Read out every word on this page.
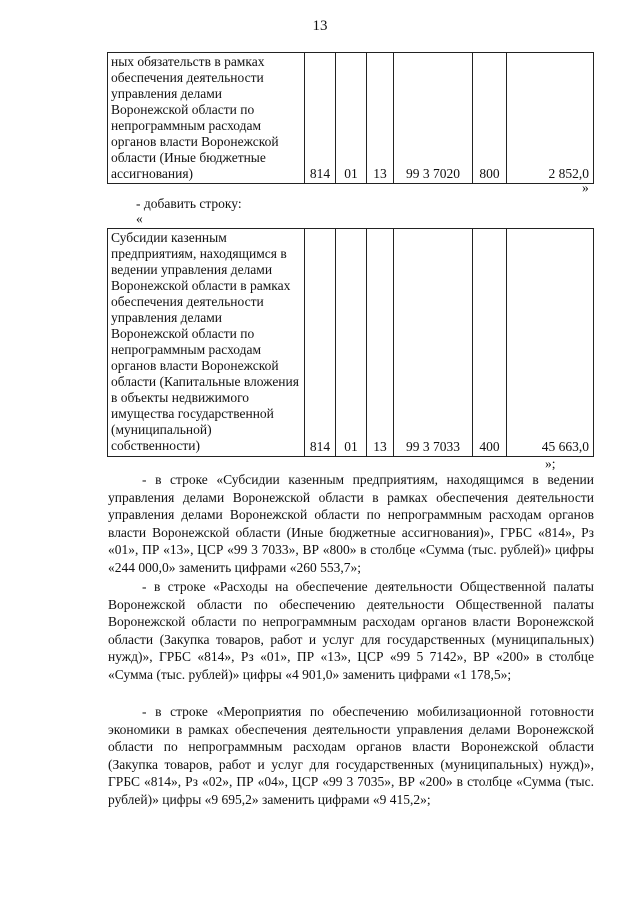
13
ных обязательств в рамках обеспечения деятельности управления делами Воронежской области по непрограммным расходам органов власти Воронежской области (Иные бюджетные ассигнования)	814	01	13	99 3 7020	800	2 852,0
»
- добавить строку:
«
Субсидии казенным предприятиям, находящимся в ведении управления делами Воронежской области в рамках обеспечения деятельности управления делами Воронежской области по непрограммным расходам органов власти Воронежской области (Капитальные вложения в объекты недвижимого имущества государственной (муниципальной) собственности)	814	01	13	99 3 7033	400	45 663,0
»;

- в строке «Субсидии казенным предприятиям, находящимся в ведении управления делами Воронежской области в рамках обеспечения деятельности управления делами Воронежской области по непрограммным расходам органов власти Воронежской области (Иные бюджетные ассигнования)», ГРБС «814», Рз «01», ПР «13», ЦСР «99 3 7033», ВР «800» в столбце «Сумма (тыс. рублей)» цифры «244 000,0» заменить цифрами «260 553,7»;

- в строке «Расходы на обеспечение деятельности Общественной палаты Воронежской области по обеспечению деятельности Общественной палаты Воронежской области по непрограммным расходам органов власти Воронежской области (Закупка товаров, работ и услуг для государственных (муниципальных) нужд)», ГРБС «814», Рз «01», ПР «13», ЦСР «99 5 7142», ВР «200» в столбце «Сумма (тыс. рублей)» цифры «4 901,0» заменить цифрами «1 178,5»;

- в строке «Мероприятия по обеспечению мобилизационной готовности экономики в рамках обеспечения деятельности управления делами Воронежской области по непрограммным расходам органов власти Воронежской области (Закупка товаров, работ и услуг для государственных (муниципальных) нужд)», ГРБС «814», Рз «02», ПР «04», ЦСР «99 3 7035», ВР «200» в столбце «Сумма (тыс. рублей)» цифры «9 695,2» заменить цифрами «9 415,2»;
